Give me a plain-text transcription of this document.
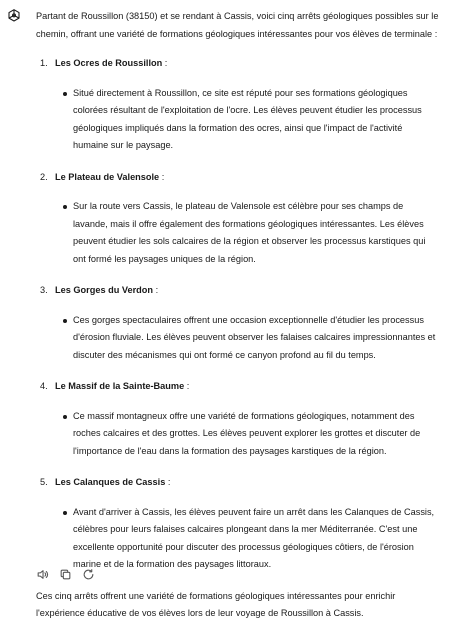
Partant de Roussillon (38150) et se rendant à Cassis, voici cinq arrêts géologiques possibles sur le chemin, offrant une variété de formations géologiques intéressantes pour vos élèves de terminale :

1. Les Ocres de Roussillon :

Situé directement à Roussillon, ce site est réputé pour ses formations géologiques colorées résultant de l'exploitation de l'ocre. Les élèves peuvent étudier les processus géologiques impliqués dans la formation des ocres, ainsi que l'impact de l'activité humaine sur le paysage.

2. Le Plateau de Valensole :

Sur la route vers Cassis, le plateau de Valensole est célèbre pour ses champs de lavande, mais il offre également des formations géologiques intéressantes. Les élèves peuvent étudier les sols calcaires de la région et observer les processus karstiques qui ont formé les paysages uniques de la région.

3. Les Gorges du Verdon :

Ces gorges spectaculaires offrent une occasion exceptionnelle d'étudier les processus d'érosion fluviale. Les élèves peuvent observer les falaises calcaires impressionnantes et discuter des mécanismes qui ont formé ce canyon profond au fil du temps.

4. Le Massif de la Sainte-Baume :

Ce massif montagneux offre une variété de formations géologiques, notamment des roches calcaires et des grottes. Les élèves peuvent explorer les grottes et discuter de l'importance de l'eau dans la formation des paysages karstiques de la région.

5. Les Calanques de Cassis :

Avant d'arriver à Cassis, les élèves peuvent faire un arrêt dans les Calanques de Cassis, célèbres pour leurs falaises calcaires plongeant dans la mer Méditerranée. C'est une excellente opportunité pour discuter des processus géologiques côtiers, de l'érosion marine et de la formation des paysages littoraux.

Ces cinq arrêts offrent une variété de formations géologiques intéressantes pour enrichir l'expérience éducative de vos élèves lors de leur voyage de Roussillon à Cassis.
